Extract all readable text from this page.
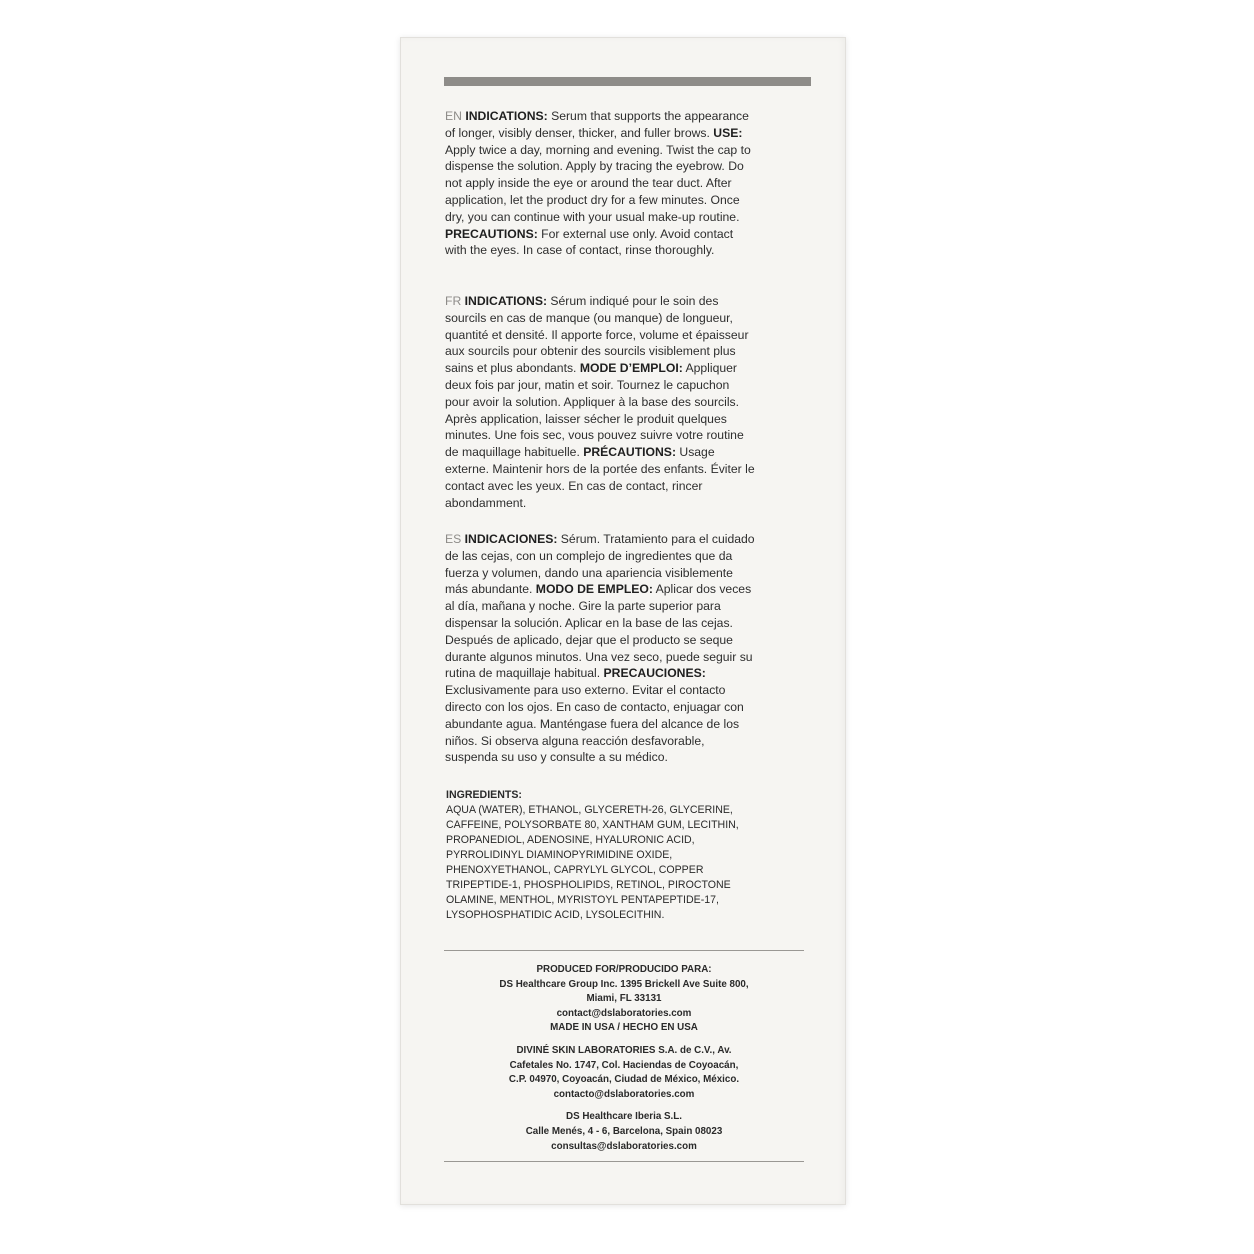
EN INDICATIONS: Serum that supports the appearance of longer, visibly denser, thicker, and fuller brows. USE: Apply twice a day, morning and evening. Twist the cap to dispense the solution. Apply by tracing the eyebrow. Do not apply inside the eye or around the tear duct. After application, let the product dry for a few minutes. Once dry, you can continue with your usual make-up routine. PRECAUTIONS: For external use only. Avoid contact with the eyes. In case of contact, rinse thoroughly.
FR INDICATIONS: Sérum indiqué pour le soin des sourcils en cas de manque (ou manque) de longueur, quantité et densité. Il apporte force, volume et épaisseur aux sourcils pour obtenir des sourcils visiblement plus sains et plus abondants. MODE D’EMPLOI: Appliquer deux fois par jour, matin et soir. Tournez le capuchon pour avoir la solution. Appliquer à la base des sourcils. Après application, laisser sécher le produit quelques minutes. Une fois sec, vous pouvez suivre votre routine de maquillage habituelle. PRÉCAUTIONS: Usage externe. Maintenir hors de la portée des enfants. Éviter le contact avec les yeux. En cas de contact, rincer abondamment.
ES INDICACIONES: Sérum. Tratamiento para el cuidado de las cejas, con un complejo de ingredientes que da fuerza y volumen, dando una apariencia visiblemente más abundante. MODO DE EMPLEO: Aplicar dos veces al día, mañana y noche. Gire la parte superior para dispensar la solución. Aplicar en la base de las cejas. Después de aplicado, dejar que el producto se seque durante algunos minutos. Una vez seco, puede seguir su rutina de maquillaje habitual. PRECAUCIONES: Exclusivamente para uso externo. Evitar el contacto directo con los ojos. En caso de contacto, enjuagar con abundante agua. Manténgase fuera del alcance de los niños. Si observa alguna reacción desfavorable, suspenda su uso y consulte a su médico.
INGREDIENTS:
AQUA (WATER), ETHANOL, GLYCERETH-26, GLYCERINE, CAFFEINE, POLYSORBATE 80, XANTHAM GUM, LECITHIN, PROPANEDIOL, ADENOSINE, HYALURONIC ACID, PYRROLIDINYL DIAMINOPYRIMIDINE OXIDE, PHENOXYETHANOL, CAPRYLYL GLYCOL, COPPER TRIPEPTIDE-1, PHOSPHOLIPIDS, RETINOL, PIROCTONE OLAMINE, MENTHOL, MYRISTOYL PENTAPEPTIDE-17, LYSOPHOSPHATIDIC ACID, LYSOLECITHIN.
PRODUCED FOR/PRODUCIDO PARA:
DS Healthcare Group Inc. 1395 Brickell Ave Suite 800,
Miami, FL 33131
contact@dslaboratories.com
MADE IN USA / HECHO EN USA
DIVINÉ SKIN LABORATORIES S.A. de C.V., Av.
Cafetales No. 1747, Col. Haciendas de Coyoacán,
C.P. 04970, Coyoacán, Ciudad de México, México.
contacto@dslaboratories.com
DS Healthcare Iberia S.L.
Calle Menés, 4 - 6, Barcelona, Spain 08023
consultas@dslaboratories.com
